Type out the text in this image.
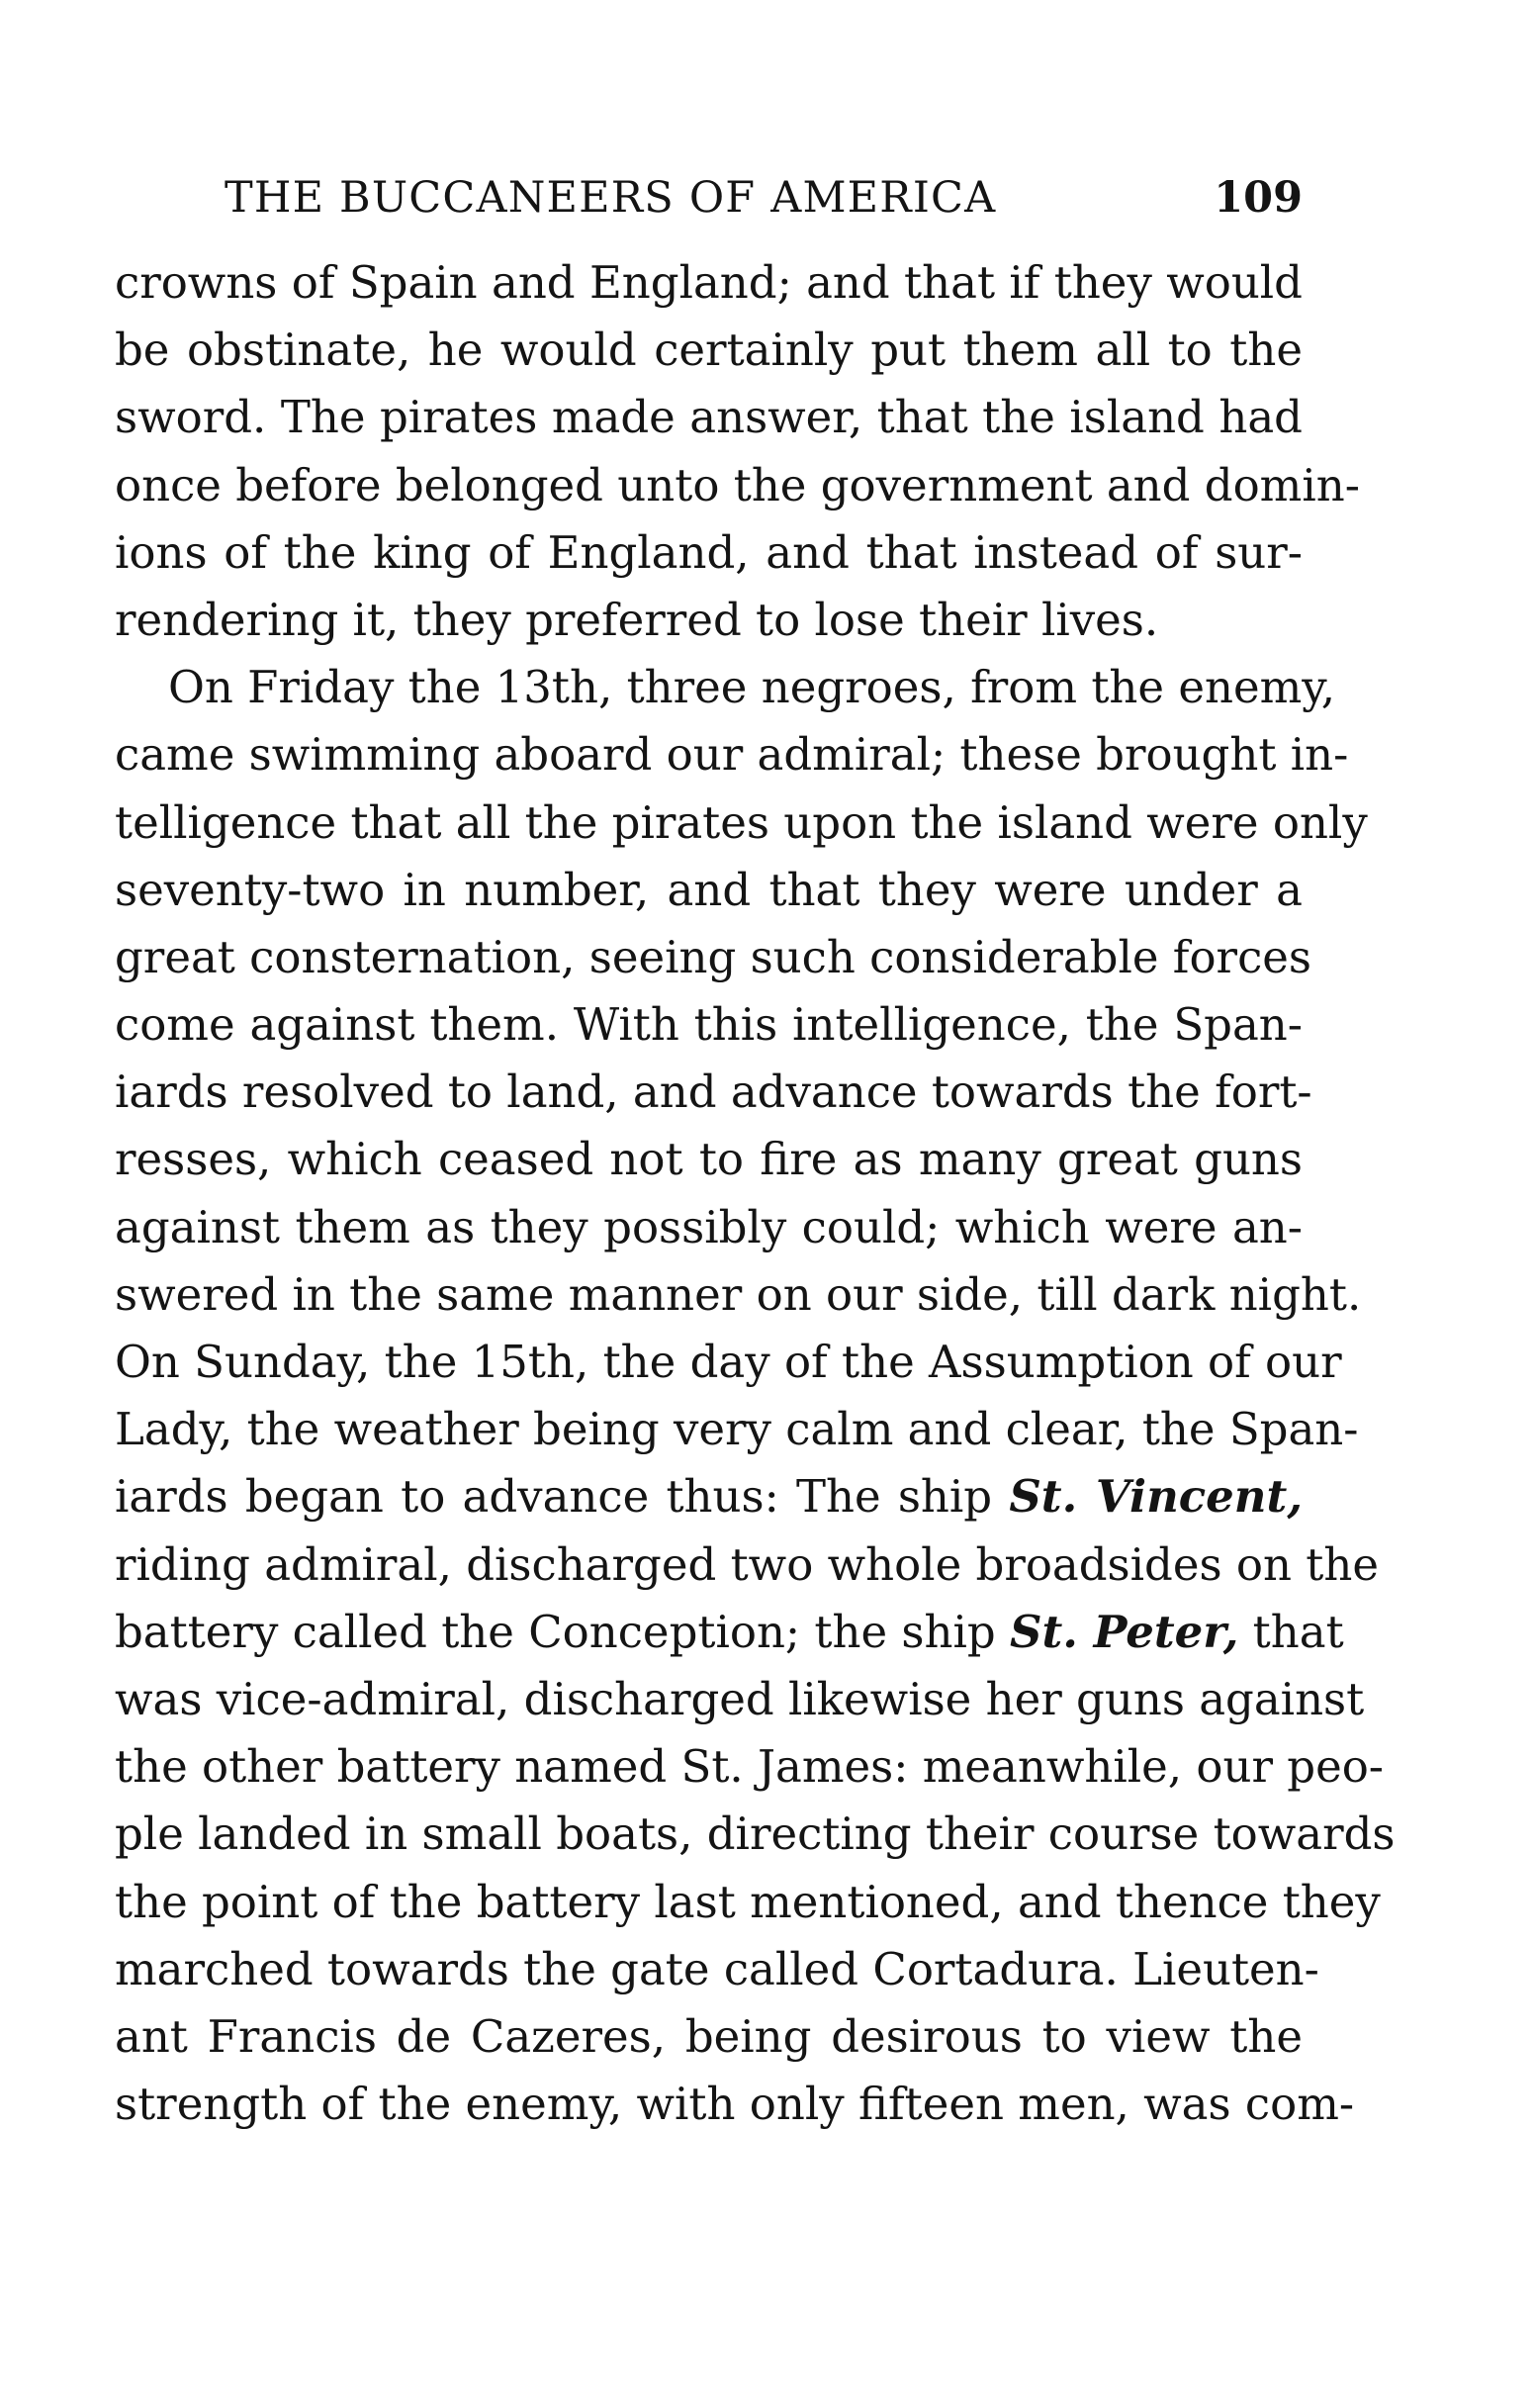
THE BUCCANEERS OF AMERICA	109
crowns of Spain and England; and that if they would
be obstinate, he would certainly put them all to the
sword. The pirates made answer, that the island had
once before belonged unto the government and domin-
ions of the king of England, and that instead of sur-
rendering it, they preferred to lose their lives.
On Friday the 13th, three negroes, from the enemy,
came swimming aboard our admiral; these brought in-
telligence that all the pirates upon the island were only
seventy-two in number, and that they were under a
great consternation, seeing such considerable forces
come against them. With this intelligence, the Span-
iards resolved to land, and advance towards the fort-
resses, which ceased not to fire as many great guns
against them as they possibly could; which were an-
swered in the same manner on our side, till dark night.
On Sunday, the 15th, the day of the Assumption of our
Lady, the weather being very calm and clear, the Span-
iards began to advance thus: The ship St. Vincent,
riding admiral, discharged two whole broadsides on the
battery called the Conception; the ship St. Peter, that
was vice-admiral, discharged likewise her guns against
the other battery named St. James: meanwhile, our peo-
ple landed in small boats, directing their course towards
the point of the battery last mentioned, and thence they
marched towards the gate called Cortadura. Lieuten-
ant Francis de Cazeres, being desirous to view the
strength of the enemy, with only fifteen men, was com-
